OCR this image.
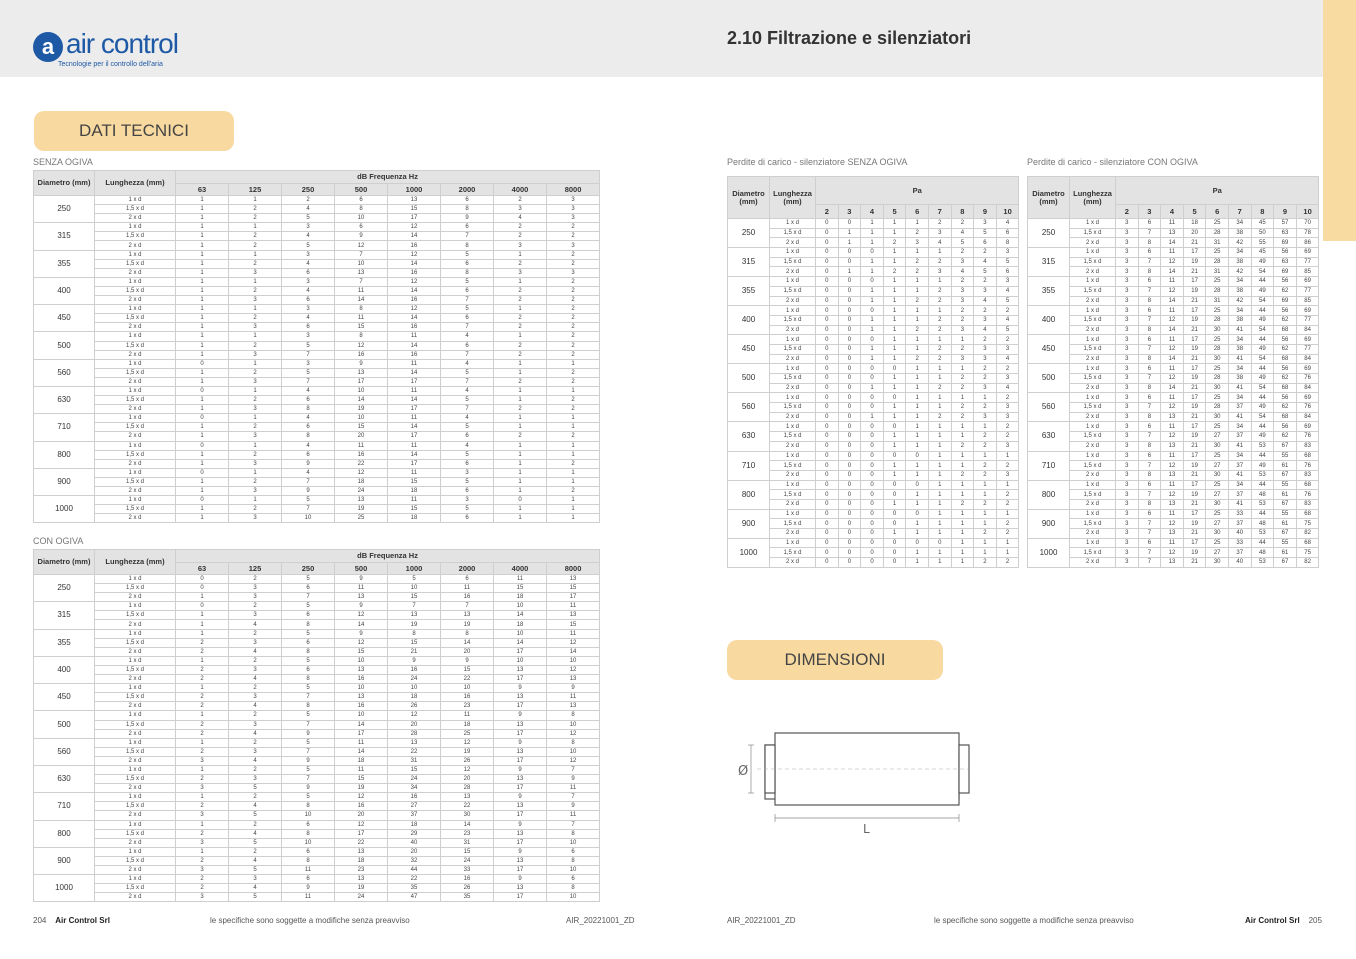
a air control
Tecnologie per il controllo dell'aria
2.10 Filtrazione e silenziatori
DATI TECNICI
DIMENSIONI
SENZA OGIVA
CON OGIVA
Perdite di carico - silenziatore SENZA OGIVA	Perdite di carico - silenziatore CON OGIVA
Diametro (mm)	Lunghezza (mm)	dB Frequenza Hz							
		63	125	250	500	1000	2000	4000	8000
250	1 x d	1	1	2	6	13	6	2	3
	1,5 x d	1	2	4	8	15	8	3	3
	2 x d	1	2	5	10	17	9	4	3
315	1 x d	1	1	3	6	12	6	2	2
	1,5 x d	1	2	4	9	14	7	2	2
	2 x d	1	2	5	12	16	8	3	3
355	1 x d	1	1	3	7	12	5	1	2
	1,5 x d	1	2	4	10	14	6	2	2
	2 x d	1	3	6	13	16	8	3	3
400	1 x d	1	1	3	7	12	5	1	2
	1,5 x d	1	2	4	11	14	6	2	2
	2 x d	1	3	6	14	16	7	2	2
450	1 x d	1	1	3	8	12	5	1	2
	1,5 x d	1	2	4	11	14	6	2	2
	2 x d	1	3	6	15	16	7	2	2
500	1 x d	1	1	3	8	11	4	1	2
	1,5 x d	1	2	5	12	14	6	2	2
	2 x d	1	3	7	16	16	7	2	2
560	1 x d	0	1	3	9	11	4	1	1
	1,5 x d	1	2	5	13	14	5	1	2
	2 x d	1	3	7	17	17	7	2	2
630	1 x d	0	1	4	10	11	4	1	1
	1,5 x d	1	2	6	14	14	5	1	2
	2 x d	1	3	8	19	17	7	2	2
710	1 x d	0	1	4	10	11	4	1	1
	1,5 x d	1	2	6	15	14	5	1	1
	2 x d	1	3	8	20	17	6	2	2
800	1 x d	0	1	4	11	11	4	1	1
	1,5 x d	1	2	6	16	14	5	1	1
	2 x d	1	3	9	22	17	6	1	2
900	1 x d	0	1	4	12	11	3	1	1
	1,5 x d	1	2	7	18	15	5	1	1
	2 x d	1	3	9	24	18	6	1	2
1000	1 x d	0	1	5	13	11	3	0	1
	1,5 x d	1	2	7	19	15	5	1	1
	2 x d	1	3	10	25	18	6	1	1
Diametro (mm)	Lunghezza (mm)	dB Frequenza Hz							
		63	125	250	500	1000	2000	4000	8000
250	1 x d	0	2	5	9	5	6	11	13
	1,5 x d	0	3	6	11	10	11	15	15
	2 x d	1	3	7	13	15	16	18	17
315	1 x d	0	2	5	9	7	7	10	11
	1,5 x d	1	3	6	12	13	13	14	13
	2 x d	1	4	8	14	19	19	18	15
355	1 x d	1	2	5	9	8	8	10	11
	1,5 x d	2	3	6	12	15	14	14	12
	2 x d	2	4	8	15	21	20	17	14
400	1 x d	1	2	5	10	9	9	10	10
	1,5 x d	2	3	6	13	16	15	13	12
	2 x d	2	4	8	16	24	22	17	13
450	1 x d	1	2	5	10	10	10	9	9
	1,5 x d	2	3	7	13	18	16	13	11
	2 x d	2	4	8	16	26	23	17	13
500	1 x d	1	2	5	10	12	11	9	8
	1,5 x d	2	3	7	14	20	18	13	10
	2 x d	2	4	9	17	28	25	17	12
560	1 x d	1	2	5	11	13	12	9	8
	1,5 x d	2	3	7	14	22	19	13	10
	2 x d	3	4	9	18	31	26	17	12
630	1 x d	1	2	5	11	15	12	9	7
	1,5 x d	2	3	7	15	24	20	13	9
	2 x d	3	5	9	19	34	28	17	11
710	1 x d	1	2	5	12	16	13	9	7
	1,5 x d	2	4	8	16	27	22	13	9
	2 x d	3	5	10	20	37	30	17	11
800	1 x d	1	2	6	12	18	14	9	7
	1,5 x d	2	4	8	17	29	23	13	8
	2 x d	3	5	10	22	40	31	17	10
900	1 x d	1	2	6	13	20	15	9	6
	1,5 x d	2	4	8	18	32	24	13	8
	2 x d	3	5	11	23	44	33	17	10
1000	1 x d	2	3	6	13	22	16	9	6
	1,5 x d	2	4	9	19	35	26	13	8
	2 x d	3	5	11	24	47	35	17	10
Diametro (mm)	Lunghezza (mm)	Pa								
		2	3	4	5	6	7	8	9	10
250	1 x d	0	0	1	1	1	2	2	3	4
	1,5 x d	0	1	1	1	2	3	4	5	6
	2 x d	0	1	1	2	3	4	5	6	8
315	1 x d	0	0	0	1	1	1	2	2	3
	1,5 x d	0	0	1	1	2	2	3	4	5
	2 x d	0	1	1	2	2	3	4	5	6
355	1 x d	0	0	0	1	1	1	2	2	3
	1,5 x d	0	0	1	1	1	2	3	3	4
	2 x d	0	0	1	1	2	2	3	4	5
400	1 x d	0	0	0	1	1	1	2	2	2
	1,5 x d	0	0	1	1	1	2	2	3	4
	2 x d	0	0	1	1	2	2	3	4	5
450	1 x d	0	0	0	1	1	1	1	2	2
	1,5 x d	0	0	1	1	1	2	2	3	3
	2 x d	0	0	1	1	2	2	3	3	4
500	1 x d	0	0	0	0	1	1	1	2	2
	1,5 x d	0	0	0	1	1	1	2	2	3
	2 x d	0	0	1	1	1	2	2	3	4
560	1 x d	0	0	0	0	1	1	1	1	2
	1,5 x d	0	0	0	1	1	1	2	2	3
	2 x d	0	0	1	1	1	2	2	3	3
630	1 x d	0	0	0	0	1	1	1	1	2
	1,5 x d	0	0	0	1	1	1	1	2	2
	2 x d	0	0	0	1	1	1	2	2	3
710	1 x d	0	0	0	0	0	1	1	1	1
	1,5 x d	0	0	0	1	1	1	1	2	2
	2 x d	0	0	0	1	1	1	2	2	3
800	1 x d	0	0	0	0	0	1	1	1	1
	1,5 x d	0	0	0	0	1	1	1	1	2
	2 x d	0	0	0	1	1	1	2	2	2
900	1 x d	0	0	0	0	0	1	1	1	1
	1,5 x d	0	0	0	0	1	1	1	1	2
	2 x d	0	0	0	1	1	1	1	2	2
1000	1 x d	0	0	0	0	0	0	1	1	1
	1,5 x d	0	0	0	0	1	1	1	1	1
	2 x d	0	0	0	0	1	1	1	2	2
Diametro (mm)	Lunghezza (mm)	Pa								
		2	3	4	5	6	7	8	9	10
250	1 x d	3	6	11	18	25	34	45	57	70
	1,5 x d	3	7	13	20	28	38	50	63	78
	2 x d	3	8	14	21	31	42	55	69	86
315	1 x d	3	6	11	17	25	34	45	56	69
	1,5 x d	3	7	12	19	28	38	49	63	77
	2 x d	3	8	14	21	31	42	54	69	85
355	1 x d	3	6	11	17	25	34	44	56	69
	1,5 x d	3	7	12	19	28	38	49	62	77
	2 x d	3	8	14	21	31	42	54	69	85
400	1 x d	3	6	11	17	25	34	44	56	69
	1,5 x d	3	7	12	19	28	38	49	62	77
	2 x d	3	8	14	21	30	41	54	68	84
450	1 x d	3	6	11	17	25	34	44	56	69
	1,5 x d	3	7	12	19	28	38	49	62	77
	2 x d	3	8	14	21	30	41	54	68	84
500	1 x d	3	6	11	17	25	34	44	56	69
	1,5 x d	3	7	12	19	28	38	49	62	76
	2 x d	3	8	14	21	30	41	54	68	84
560	1 x d	3	6	11	17	25	34	44	56	69
	1,5 x d	3	7	12	19	28	37	49	62	76
	2 x d	3	8	13	21	30	41	54	68	84
630	1 x d	3	6	11	17	25	34	44	56	69
	1,5 x d	3	7	12	19	27	37	49	62	76
	2 x d	3	8	13	21	30	41	53	67	83
710	1 x d	3	6	11	17	25	34	44	55	68
	1,5 x d	3	7	12	19	27	37	49	61	76
	2 x d	3	8	13	21	30	41	53	67	83
800	1 x d	3	6	11	17	25	34	44	55	68
	1,5 x d	3	7	12	19	27	37	48	61	76
	2 x d	3	8	13	21	30	41	53	67	83
900	1 x d	3	6	11	17	25	33	44	55	68
	1,5 x d	3	7	12	19	27	37	48	61	75
	2 x d	3	7	13	21	30	40	53	67	82
1000	1 x d	3	6	11	17	25	33	44	55	68
	1,5 x d	3	7	12	19	27	37	48	61	75
	2 x d	3	7	13	21	30	40	53	67	82
Ø
L
204 Air Control Srl	le specifiche sono soggette a modifiche senza preavviso	AIR_20221001_ZD	AIR_20221001_ZD	le specifiche sono soggette a modifiche senza preavviso	Air Control Srl 205
